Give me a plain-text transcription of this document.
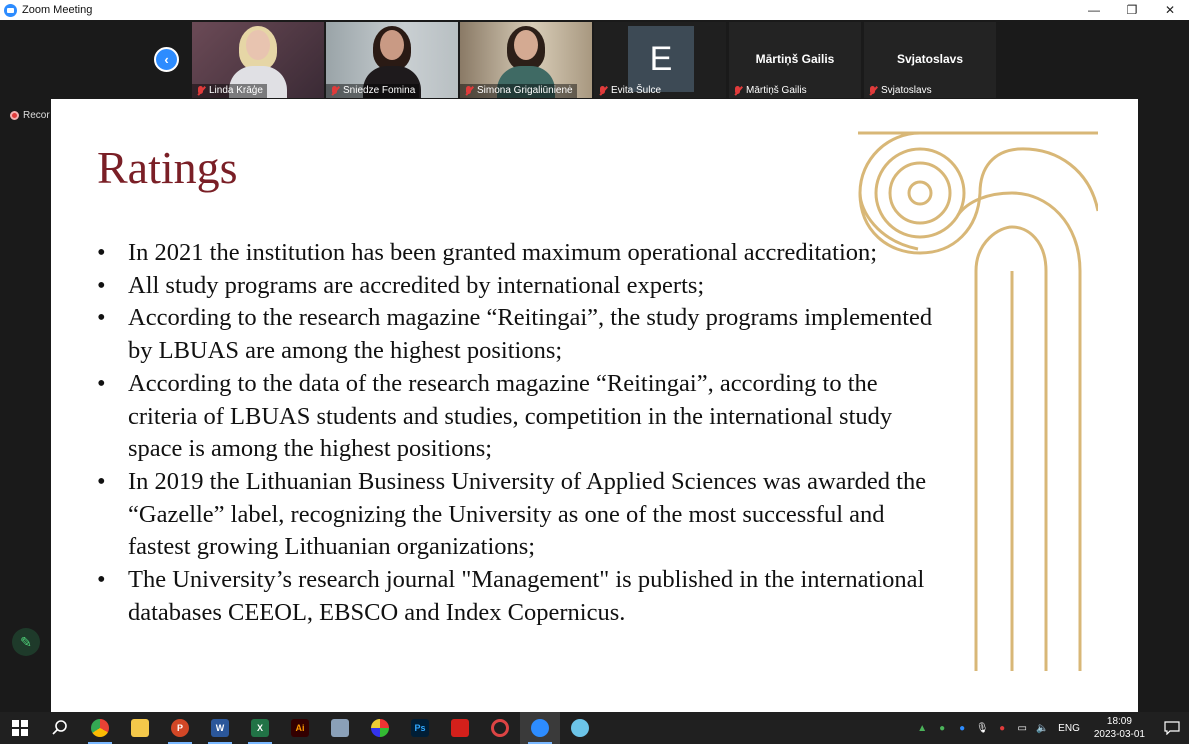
Zoom Meeting	—	❐	✕
‹
Linda Krāģe	Sniedze Fomina	Simona Grigaliūnienė
E
Evita Šulce
Mārtiņš Gailis
Mārtiņš Gailis
Svjatoslavs
Svjatoslavs
Recor
Ratings
• In 2021 the institution has been granted maximum operational accreditation;
• All study programs are accredited by international experts;
• According to the research magazine “Reitingai”, the study programs implemented by LBUAS are among the highest positions;
• According to the data of the research magazine “Reitingai”, according to the criteria of LBUAS students and studies, competition in the international study space is among the highest positions;
• In 2019 the Lithuanian Business University of Applied Sciences was awarded the “Gazelle” label, recognizing the University as one of the most successful and fastest growing Lithuanian organizations;
• The University’s research journal "Management" is published in the international databases CEEOL, EBSCO and Index Copernicus.
✎
P	W	X	Ai	Ps	▲	●	●	🎙	●	▭ 🔈 ENG
18:09
2023-03-01
